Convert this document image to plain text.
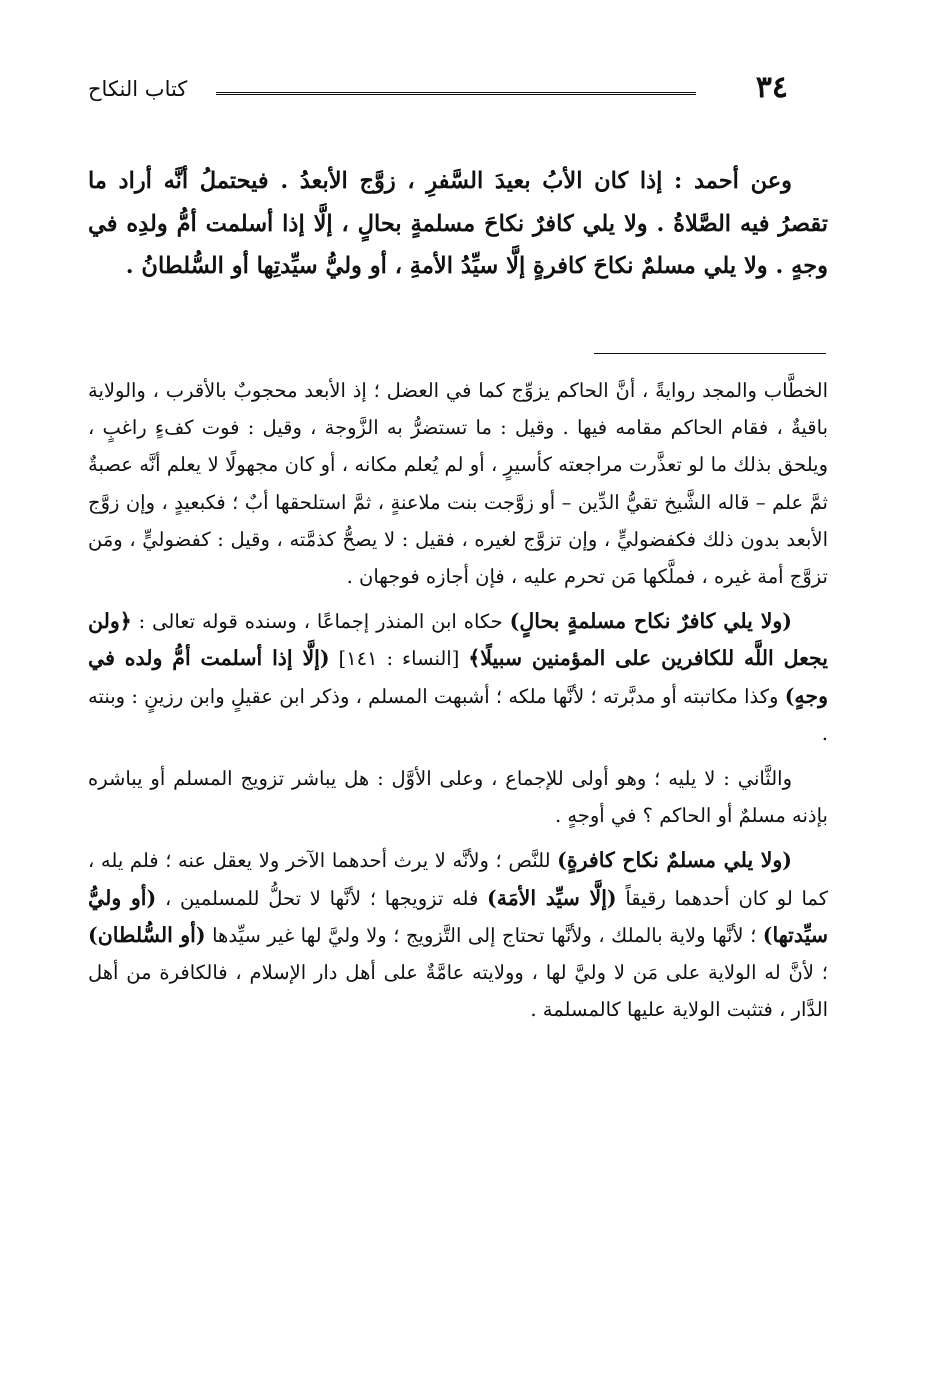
٣٤
كتاب النكاح

وعن أحمد : إذا كان الأبُ بعيدَ السَّفرِ ، زوَّج الأبعدُ . فيحتملُ أنَّه أراد ما تقصرُ فيه الصَّلاةُ . ولا يلي كافرٌ نكاحَ مسلمةٍ بحالٍ ، إلَّا إذا أسلمت أمُّ ولدِه في وجهٍ . ولا يلي مسلمٌ نكاحَ كافرةٍ إلَّا سيِّدُ الأمةِ ، أو وليُّ سيِّدتِها أو السُّلطانُ .

الخطَّاب والمجد روايةً ، أنَّ الحاكم يزوِّج كما في العضل ؛ إذ الأبعد محجوبٌ بالأقرب ، والولاية باقيةٌ ، فقام الحاكم مقامه فيها . وقيل : ما تستضرُّ به الزَّوجة ، وقيل : فوت كفءٍ راغبٍ ، ويلحق بذلك ما لو تعذَّرت مراجعته كأسيرٍ ، أو لم يُعلم مكانه ، أو كان مجهولًا لا يعلم أنَّه عصبةٌ ثمَّ علم – قاله الشَّيخ تقيُّ الدِّين – أو زوَّجت بنت ملاعنةٍ ، ثمَّ استلحقها أبٌ ؛ فكبعيدٍ ، وإن زوَّج الأبعد بدون ذلك فكفضوليٍّ ، وإن تزوَّج لغيره ، فقيل : لا يصحُّ كذمَّته ، وقيل : كفضوليٍّ ، ومَن تزوَّج أمة غيره ، فملَّكها مَن تحرم عليه ، فإن أجازه فوجهان .

(ولا يلي كافرٌ نكاح مسلمةٍ بحالٍ) حكاه ابن المنذر إجماعًا ، وسنده قوله تعالى : ﴿ولن يجعل اللَّه للكافرين على المؤمنين سبيلًا﴾ [النساء : ١٤١] (إلَّا إذا أسلمت أمُّ ولده في وجهٍ) وكذا مكاتبته أو مدبَّرته ؛ لأنَّها ملكه ؛ أشبهت المسلم ، وذكر ابن عقيلٍ وابن رزينٍ : وبنته .

والثَّاني : لا يليه ؛ وهو أولى للإجماع ، وعلى الأوَّل : هل يباشر تزويج المسلم أو يباشره بإذنه مسلمٌ أو الحاكم ؟ في أوجهٍ .

(ولا يلي مسلمٌ نكاح كافرةٍ) للنَّص ؛ ولأنَّه لا يرث أحدهما الآخر ولا يعقل عنه ؛ فلم يله ، كما لو كان أحدهما رقيقاً (إلَّا سيِّد الأمَة) فله تزويجها ؛ لأنَّها لا تحلُّ للمسلمين ، (أو وليُّ سيِّدتها) ؛ لأنَّها ولاية بالملك ، ولأنَّها تحتاج إلى التَّزويج ؛ ولا وليَّ لها غير سيِّدها (أو السُّلطان) ؛ لأنَّ له الولاية على مَن لا وليَّ لها ، وولايته عامَّةٌ على أهل دار الإسلام ، فالكافرة من أهل الدَّار ، فتثبت الولاية عليها كالمسلمة .
